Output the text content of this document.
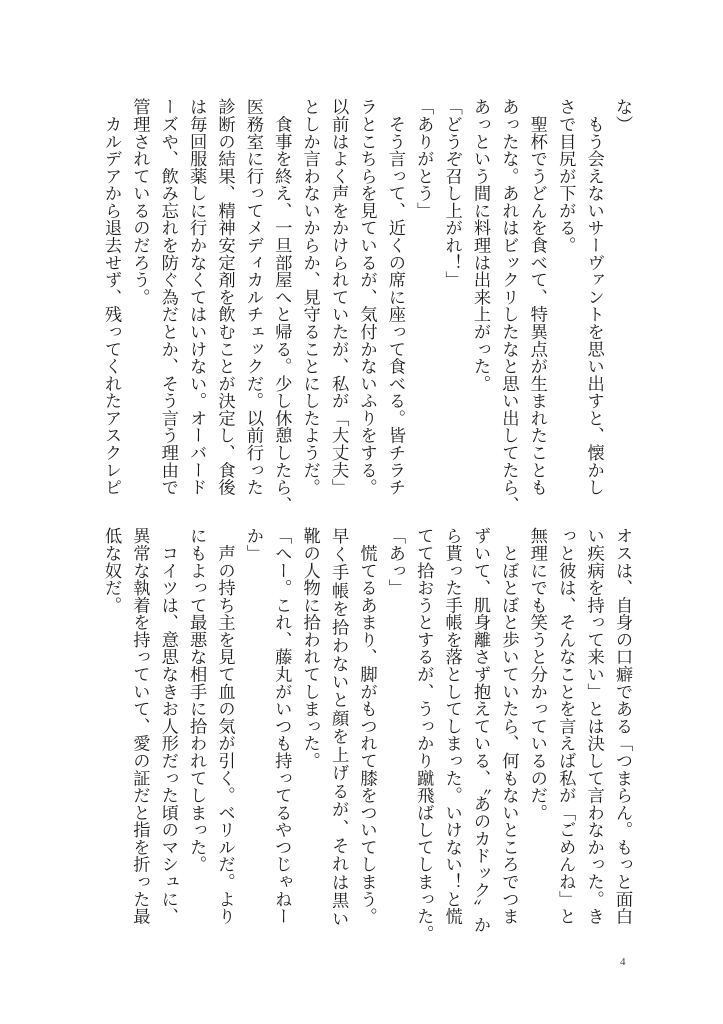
な）
　もう会えないサーヴァントを思い出すと、懐かし
さで目尻が下がる。
　聖杯でうどんを食べて、特異点が生まれたことも
あったな。あれはビックリしたなと思い出してたら、
あっという間に料理は出来上がった。
「どうぞ召し上がれ！」
「ありがとう」
　そう言って、近くの席に座って食べる。皆チラチ
ラとこちらを見ているが、気付かないふりをする。
以前はよく声をかけられていたが、私が「大丈夫」
としか言わないからか、見守ることにしたようだ。
　食事を終え、一旦部屋へと帰る。少し休憩したら、
医務室に行ってメディカルチェックだ。以前行った
診断の結果、精神安定剤を飲むことが決定し、食後
は毎回服薬しに行かなくてはいけない。オーバード
ーズや、飲み忘れを防ぐ為だとか、そう言う理由で
管理されているのだろう。
　カルデアから退去せず、残ってくれたアスクレピ
オスは、自身の口癖である「つまらん。もっと面白
い疾病を持って来い」とは決して言わなかった。き
っと彼は、そんなことを言えば私が「ごめんね」と
無理にでも笑うと分かっているのだ。
　とぼとぼと歩いていたら、何もないところでつま
ずいて、肌身離さず抱えている、〝あのカドック〟か
ら貰った手帳を落としてしまった。いけない！と慌
てて拾おうとするが、うっかり蹴飛ばしてしまった。
「あっ」
　慌てるあまり、脚がもつれて膝をついてしまう。
早く手帳を拾わないと顔を上げるが、それは黒い
靴の人物に拾われてしまった。
「へー。これ、藤丸がいつも持ってるやつじゃねー
か」
　声の持ち主を見て血の気が引く。ベリルだ。より
にもよって最悪な相手に拾われてしまった。
　コイツは、意思なきお人形だった頃のマシュに、
異常な執着を持っていて、愛の証だと指を折った最
低な奴だ。
4
